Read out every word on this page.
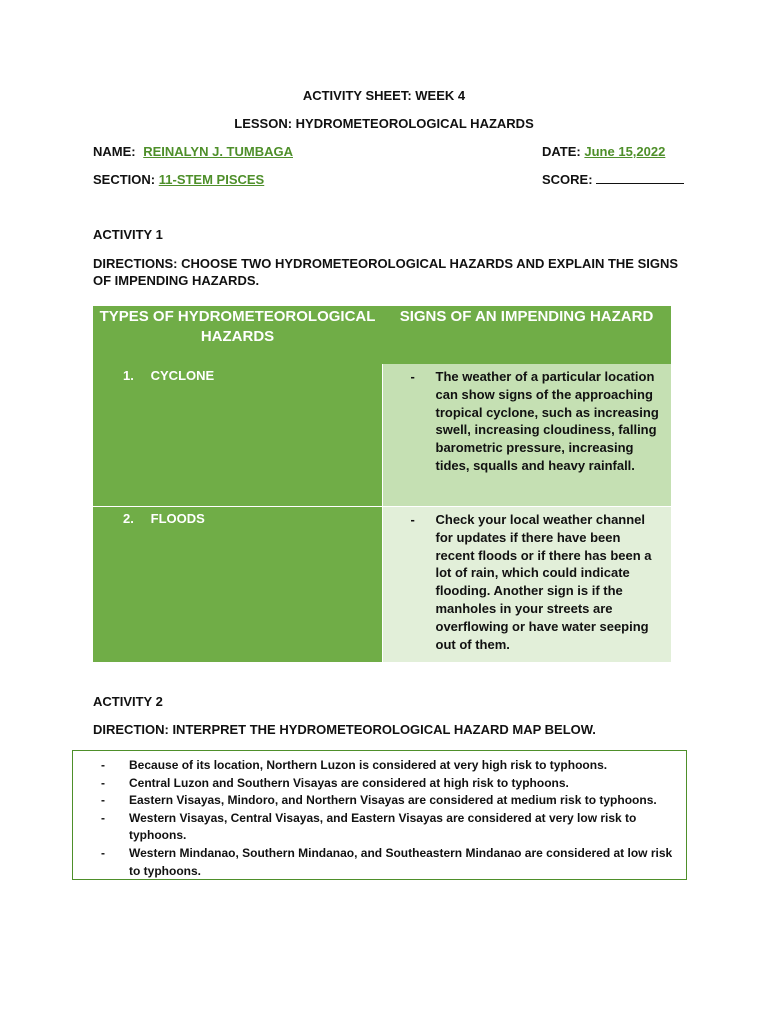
ACTIVITY SHEET: WEEK 4
LESSON: HYDROMETEOROLOGICAL HAZARDS
NAME: REINALYN J. TUMBAGA	DATE: June 15,2022
SECTION: 11-STEM PISCES	SCORE:
ACTIVITY 1
DIRECTIONS: CHOOSE TWO HYDROMETEOROLOGICAL HAZARDS AND EXPLAIN THE SIGNS
OF IMPENDING HAZARDS.
TYPES OF HYDROMETEOROLOGICAL
HAZARDS	SIGNS OF AN IMPENDING HAZARD

1. CYCLONE	- The weather of a particular location can show signs of the approaching tropical cyclone, such as increasing swell, increasing cloudiness, falling barometric pressure, increasing tides, squalls and heavy rainfall.

2. FLOODS	- Check your local weather channel for updates if there have been recent floods or if there has been a lot of rain, which could indicate flooding. Another sign is if the manholes in your streets are overflowing or have water seeping out of them.
ACTIVITY 2
DIRECTION: INTERPRET THE HYDROMETEOROLOGICAL HAZARD MAP BELOW.
-	Because of its location, Northern Luzon is considered at very high risk to typhoons.
-	Central Luzon and Southern Visayas are considered at high risk to typhoons.
-	Eastern Visayas, Mindoro, and Northern Visayas are considered at medium risk to typhoons.
-	Western Visayas, Central Visayas, and Eastern Visayas are considered at very low risk to typhoons.
-	Western Mindanao, Southern Mindanao, and Southeastern Mindanao are considered at low risk to typhoons.
